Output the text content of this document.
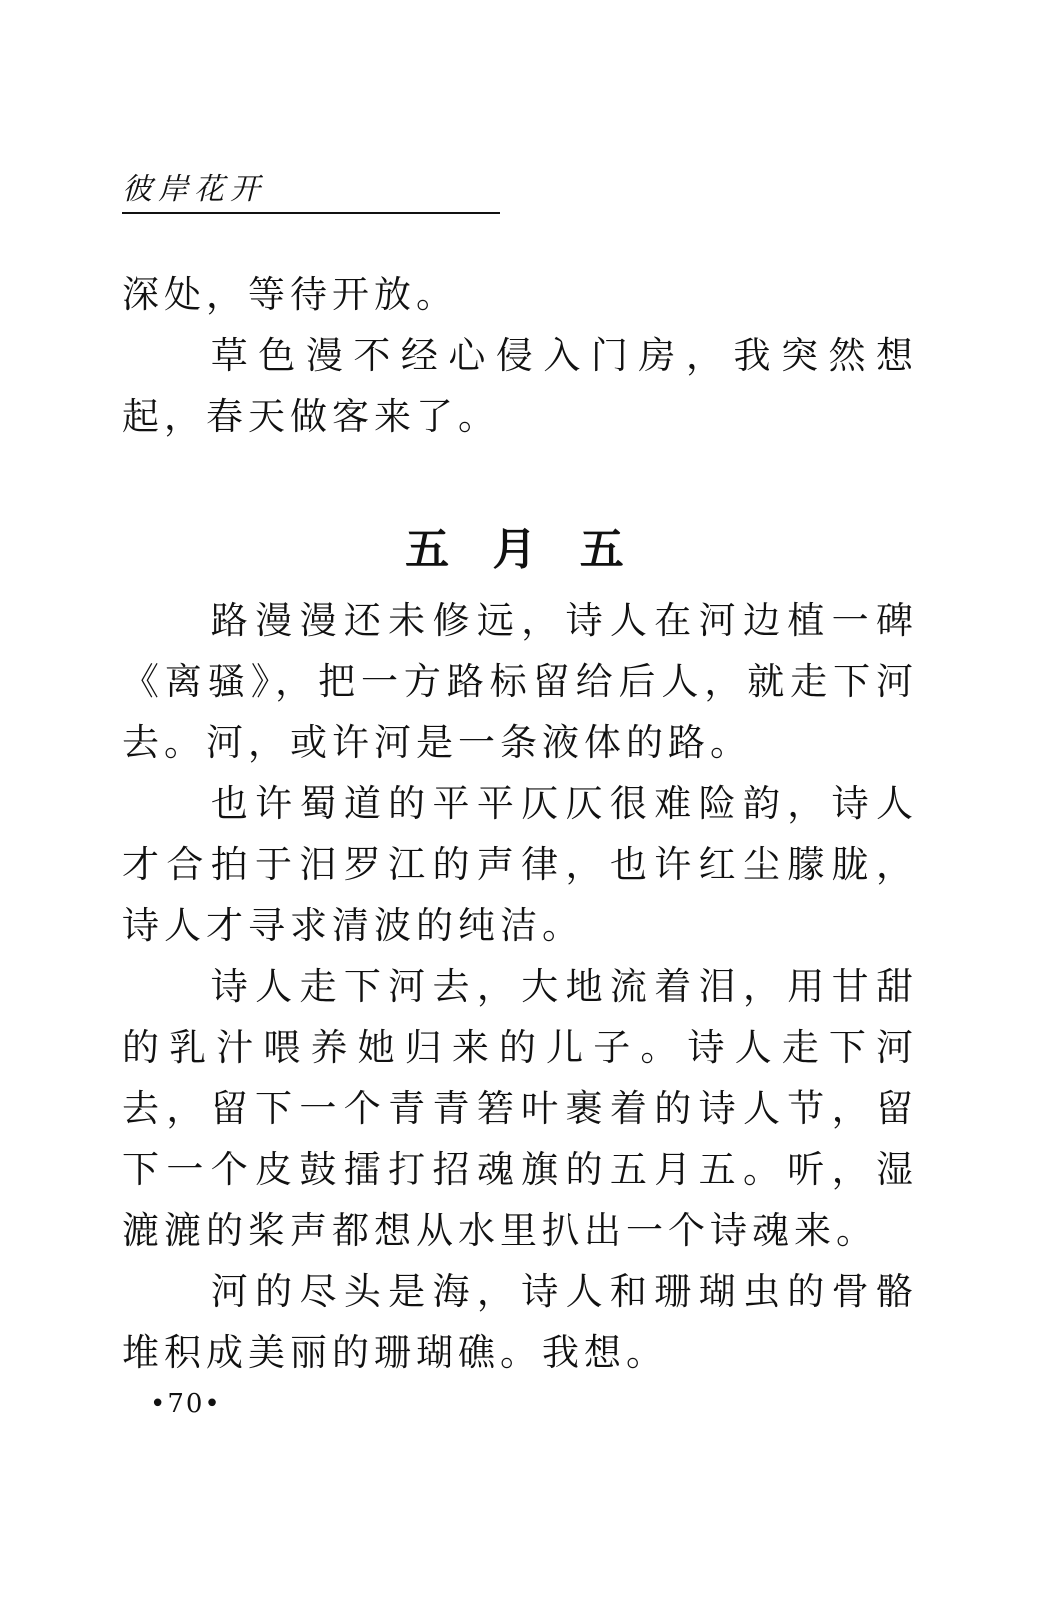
彼岸花开

深处，等待开放。

草色漫不经心侵入门房，我突然想起，春天做客来了。

五 月 五

路漫漫还未修远，诗人在河边植一碑《离骚》，把一方路标留给后人，就走下河去。河，或许河是一条液体的路。

也许蜀道的平平仄仄很难险韵，诗人才合拍于汨罗江的声律，也许红尘朦胧，诗人才寻求清波的纯洁。

诗人走下河去，大地流着泪，用甘甜的乳汁喂养她归来的儿子。诗人走下河去，留下一个青青箬叶裹着的诗人节，留下一个皮鼓擂打招魂旗的五月五。听，湿漉漉的桨声都想从水里扒出一个诗魂来。

河的尽头是海，诗人和珊瑚虫的骨骼堆积成美丽的珊瑚礁。我想。

•70•
